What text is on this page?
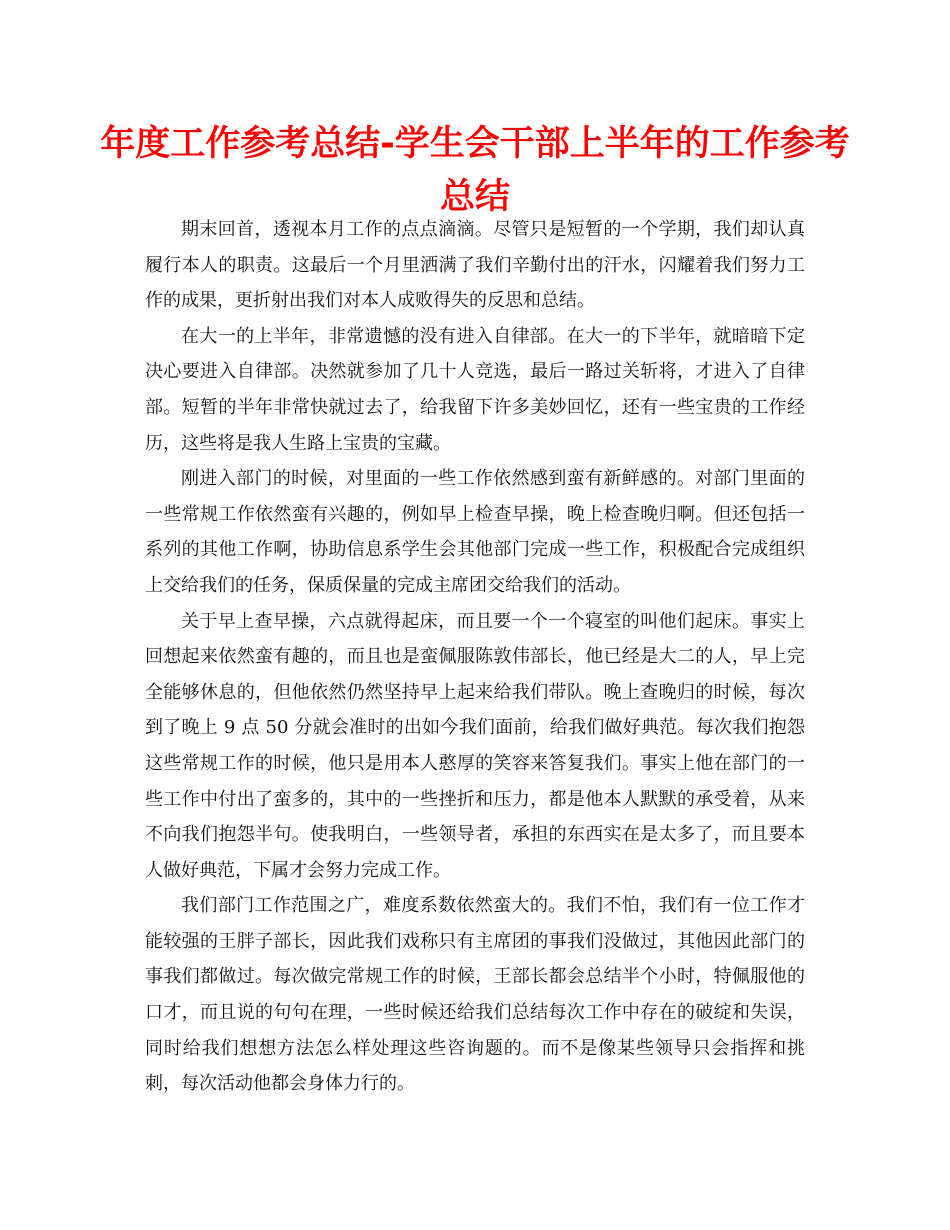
年度工作参考总结-学生会干部上半年的工作参考总结

期末回首，透视本月工作的点点滴滴。尽管只是短暂的一个学期，我们却认真履行本人的职责。这最后一个月里洒满了我们辛勤付出的汗水，闪耀着我们努力工作的成果，更折射出我们对本人成败得失的反思和总结。

在大一的上半年，非常遗憾的没有进入自律部。在大一的下半年，就暗暗下定决心要进入自律部。决然就参加了几十人竞选，最后一路过关斩将，才进入了自律部。短暂的半年非常快就过去了，给我留下许多美妙回忆，还有一些宝贵的工作经历，这些将是我人生路上宝贵的宝藏。

刚进入部门的时候，对里面的一些工作依然感到蛮有新鲜感的。对部门里面的一些常规工作依然蛮有兴趣的，例如早上检查早操，晚上检查晚归啊。但还包括一系列的其他工作啊，协助信息系学生会其他部门完成一些工作，积极配合完成组织上交给我们的任务，保质保量的完成主席团交给我们的活动。

关于早上查早操，六点就得起床，而且要一个一个寝室的叫他们起床。事实上回想起来依然蛮有趣的，而且也是蛮佩服陈敦伟部长，他已经是大二的人，早上完全能够休息的，但他依然仍然坚持早上起来给我们带队。晚上查晚归的时候，每次到了晚上 9 点 50 分就会准时的出如今我们面前，给我们做好典范。每次我们抱怨这些常规工作的时候，他只是用本人憨厚的笑容来答复我们。事实上他在部门的一些工作中付出了蛮多的，其中的一些挫折和压力，都是他本人默默的承受着，从来不向我们抱怨半句。使我明白，一些领导者，承担的东西实在是太多了，而且要本人做好典范，下属才会努力完成工作。

我们部门工作范围之广，难度系数依然蛮大的。我们不怕，我们有一位工作才能较强的王胖子部长，因此我们戏称只有主席团的事我们没做过，其他因此部门的事我们都做过。每次做完常规工作的时候，王部长都会总结半个小时，特佩服他的口才，而且说的句句在理，一些时候还给我们总结每次工作中存在的破绽和失误，同时给我们想想方法怎么样处理这些咨询题的。而不是像某些领导只会指挥和挑刺，每次活动他都会身体力行的。
